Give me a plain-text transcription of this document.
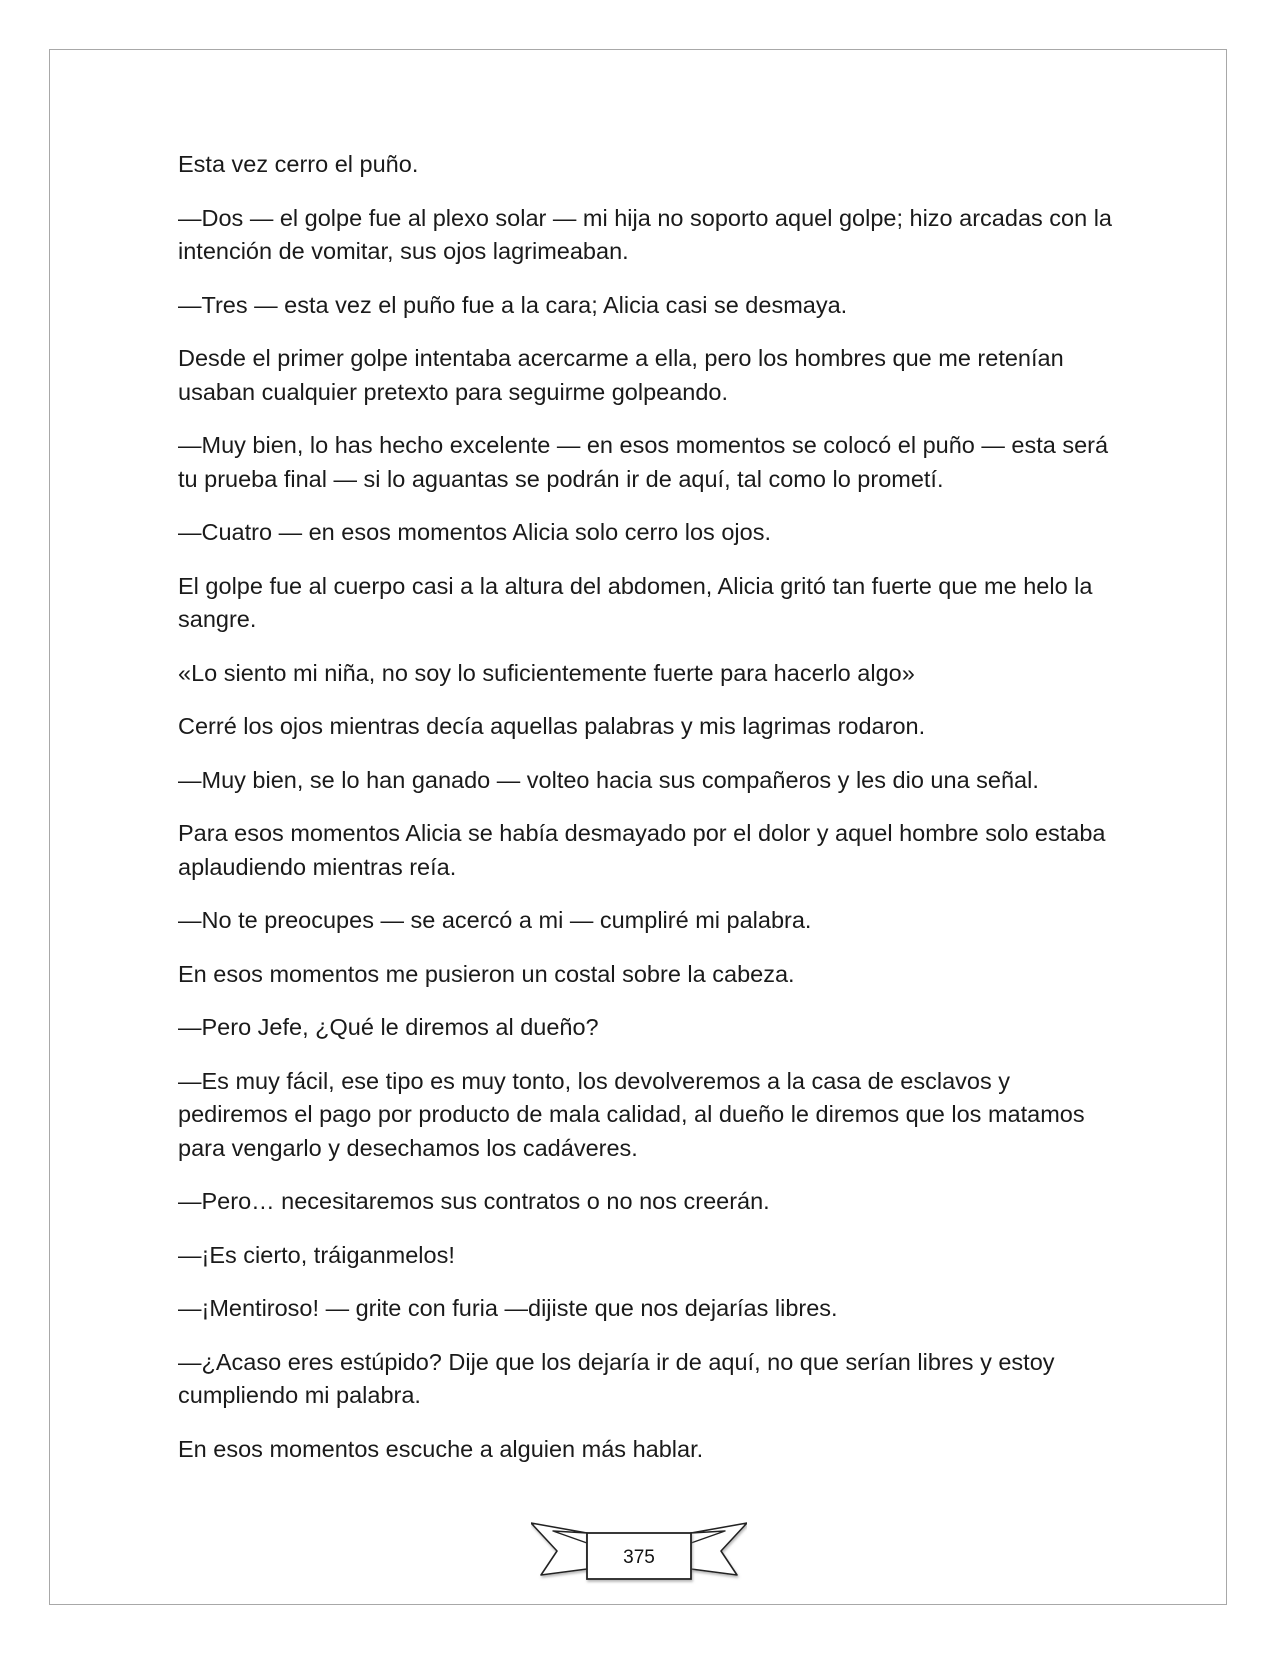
Esta vez cerro el puño.

—Dos — el golpe fue al plexo solar — mi hija no soporto aquel golpe; hizo arcadas con la intención de vomitar, sus ojos lagrimeaban.

—Tres — esta vez el puño fue a la cara; Alicia casi se desmaya.

Desde el primer golpe intentaba acercarme a ella, pero los hombres que me retenían usaban cualquier pretexto para seguirme golpeando.

—Muy bien, lo has hecho excelente — en esos momentos se colocó el puño — esta será tu prueba final — si lo aguantas se podrán ir de aquí, tal como lo prometí.

—Cuatro — en esos momentos Alicia solo cerro los ojos.

El golpe fue al cuerpo casi a la altura del abdomen, Alicia gritó tan fuerte que me helo la sangre.

«Lo siento mi niña, no soy lo suficientemente fuerte para hacerlo algo»

Cerré los ojos mientras decía aquellas palabras y mis lagrimas rodaron.

—Muy bien, se lo han ganado — volteo hacia sus compañeros y les dio una señal.

Para esos momentos Alicia se había desmayado por el dolor y aquel hombre solo estaba aplaudiendo mientras reía.

—No te preocupes — se acercó a mi — cumpliré mi palabra.

En esos momentos me pusieron un costal sobre la cabeza.

—Pero Jefe, ¿Qué le diremos al dueño?

—Es muy fácil, ese tipo es muy tonto, los devolveremos a la casa de esclavos y pediremos el pago por producto de mala calidad, al dueño le diremos que los matamos para vengarlo y desechamos los cadáveres.

—Pero… necesitaremos sus contratos o no nos creerán.

—¡Es cierto, tráiganmelos!

—¡Mentiroso! — grite con furia —dijiste que nos dejarías libres.

—¿Acaso eres estúpido? Dije que los dejaría ir de aquí, no que serían libres y estoy cumpliendo mi palabra.

En esos momentos escuche a alguien más hablar.

375
